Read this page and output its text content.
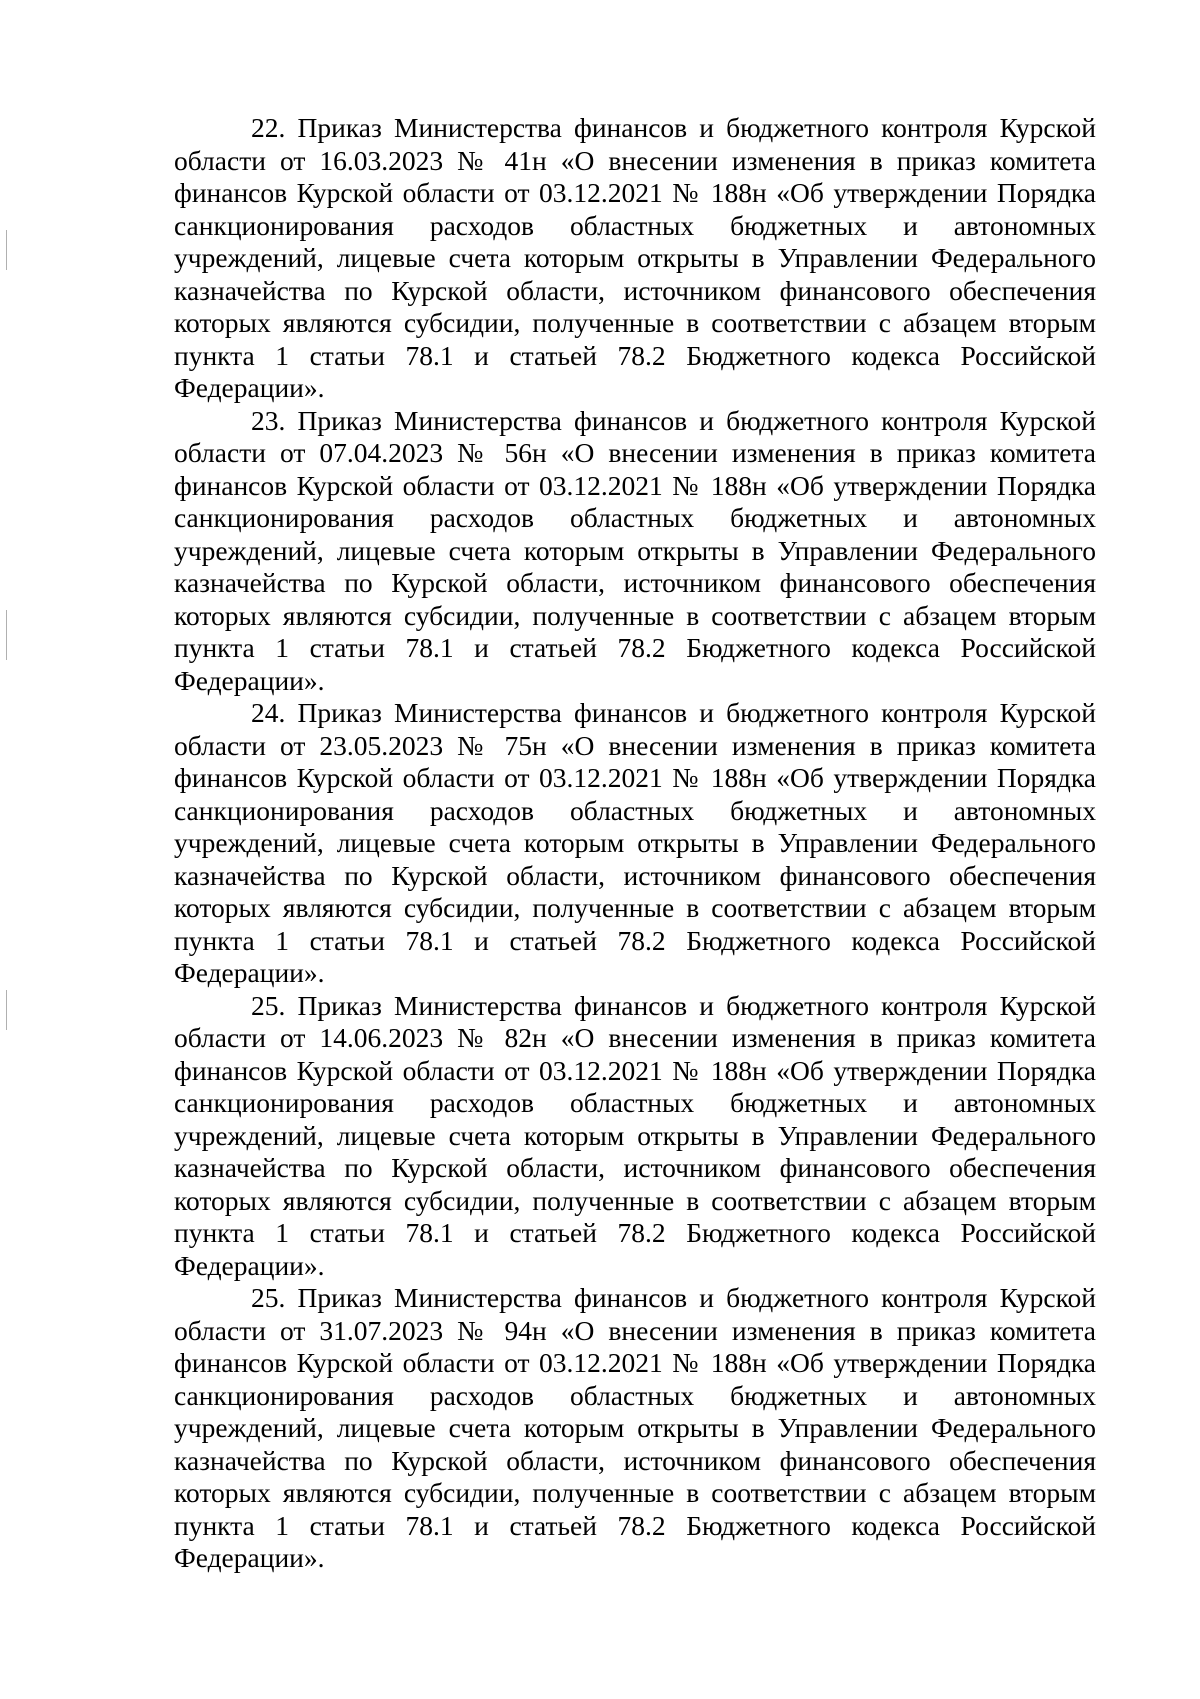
22. Приказ Министерства финансов и бюджетного контроля Курской области от 16.03.2023 № 41н «О внесении изменения в приказ комитета финансов Курской области от 03.12.2021 № 188н «Об утверждении Порядка санкционирования расходов областных бюджетных и автономных учреждений, лицевые счета которым открыты в Управлении Федерального казначейства по Курской области, источником финансового обеспечения которых являются субсидии, полученные в соответствии с абзацем вторым пункта 1 статьи 78.1 и статьей 78.2 Бюджетного кодекса Российской Федерации».

23. Приказ Министерства финансов и бюджетного контроля Курской области от 07.04.2023 № 56н «О внесении изменения в приказ комитета финансов Курской области от 03.12.2021 № 188н «Об утверждении Порядка санкционирования расходов областных бюджетных и автономных учреждений, лицевые счета которым открыты в Управлении Федерального казначейства по Курской области, источником финансового обеспечения которых являются субсидии, полученные в соответствии с абзацем вторым пункта 1 статьи 78.1 и статьей 78.2 Бюджетного кодекса Российской Федерации».

24. Приказ Министерства финансов и бюджетного контроля Курской области от 23.05.2023 № 75н «О внесении изменения в приказ комитета финансов Курской области от 03.12.2021 № 188н «Об утверждении Порядка санкционирования расходов областных бюджетных и автономных учреждений, лицевые счета которым открыты в Управлении Федерального казначейства по Курской области, источником финансового обеспечения которых являются субсидии, полученные в соответствии с абзацем вторым пункта 1 статьи 78.1 и статьей 78.2 Бюджетного кодекса Российской Федерации».

25. Приказ Министерства финансов и бюджетного контроля Курской области от 14.06.2023 № 82н «О внесении изменения в приказ комитета финансов Курской области от 03.12.2021 № 188н «Об утверждении Порядка санкционирования расходов областных бюджетных и автономных учреждений, лицевые счета которым открыты в Управлении Федерального казначейства по Курской области, источником финансового обеспечения которых являются субсидии, полученные в соответствии с абзацем вторым пункта 1 статьи 78.1 и статьей 78.2 Бюджетного кодекса Российской Федерации».

25. Приказ Министерства финансов и бюджетного контроля Курской области от 31.07.2023 № 94н «О внесении изменения в приказ комитета финансов Курской области от 03.12.2021 № 188н «Об утверждении Порядка санкционирования расходов областных бюджетных и автономных учреждений, лицевые счета которым открыты в Управлении Федерального казначейства по Курской области, источником финансового обеспечения которых являются субсидии, полученные в соответствии с абзацем вторым пункта 1 статьи 78.1 и статьей 78.2 Бюджетного кодекса Российской Федерации».
